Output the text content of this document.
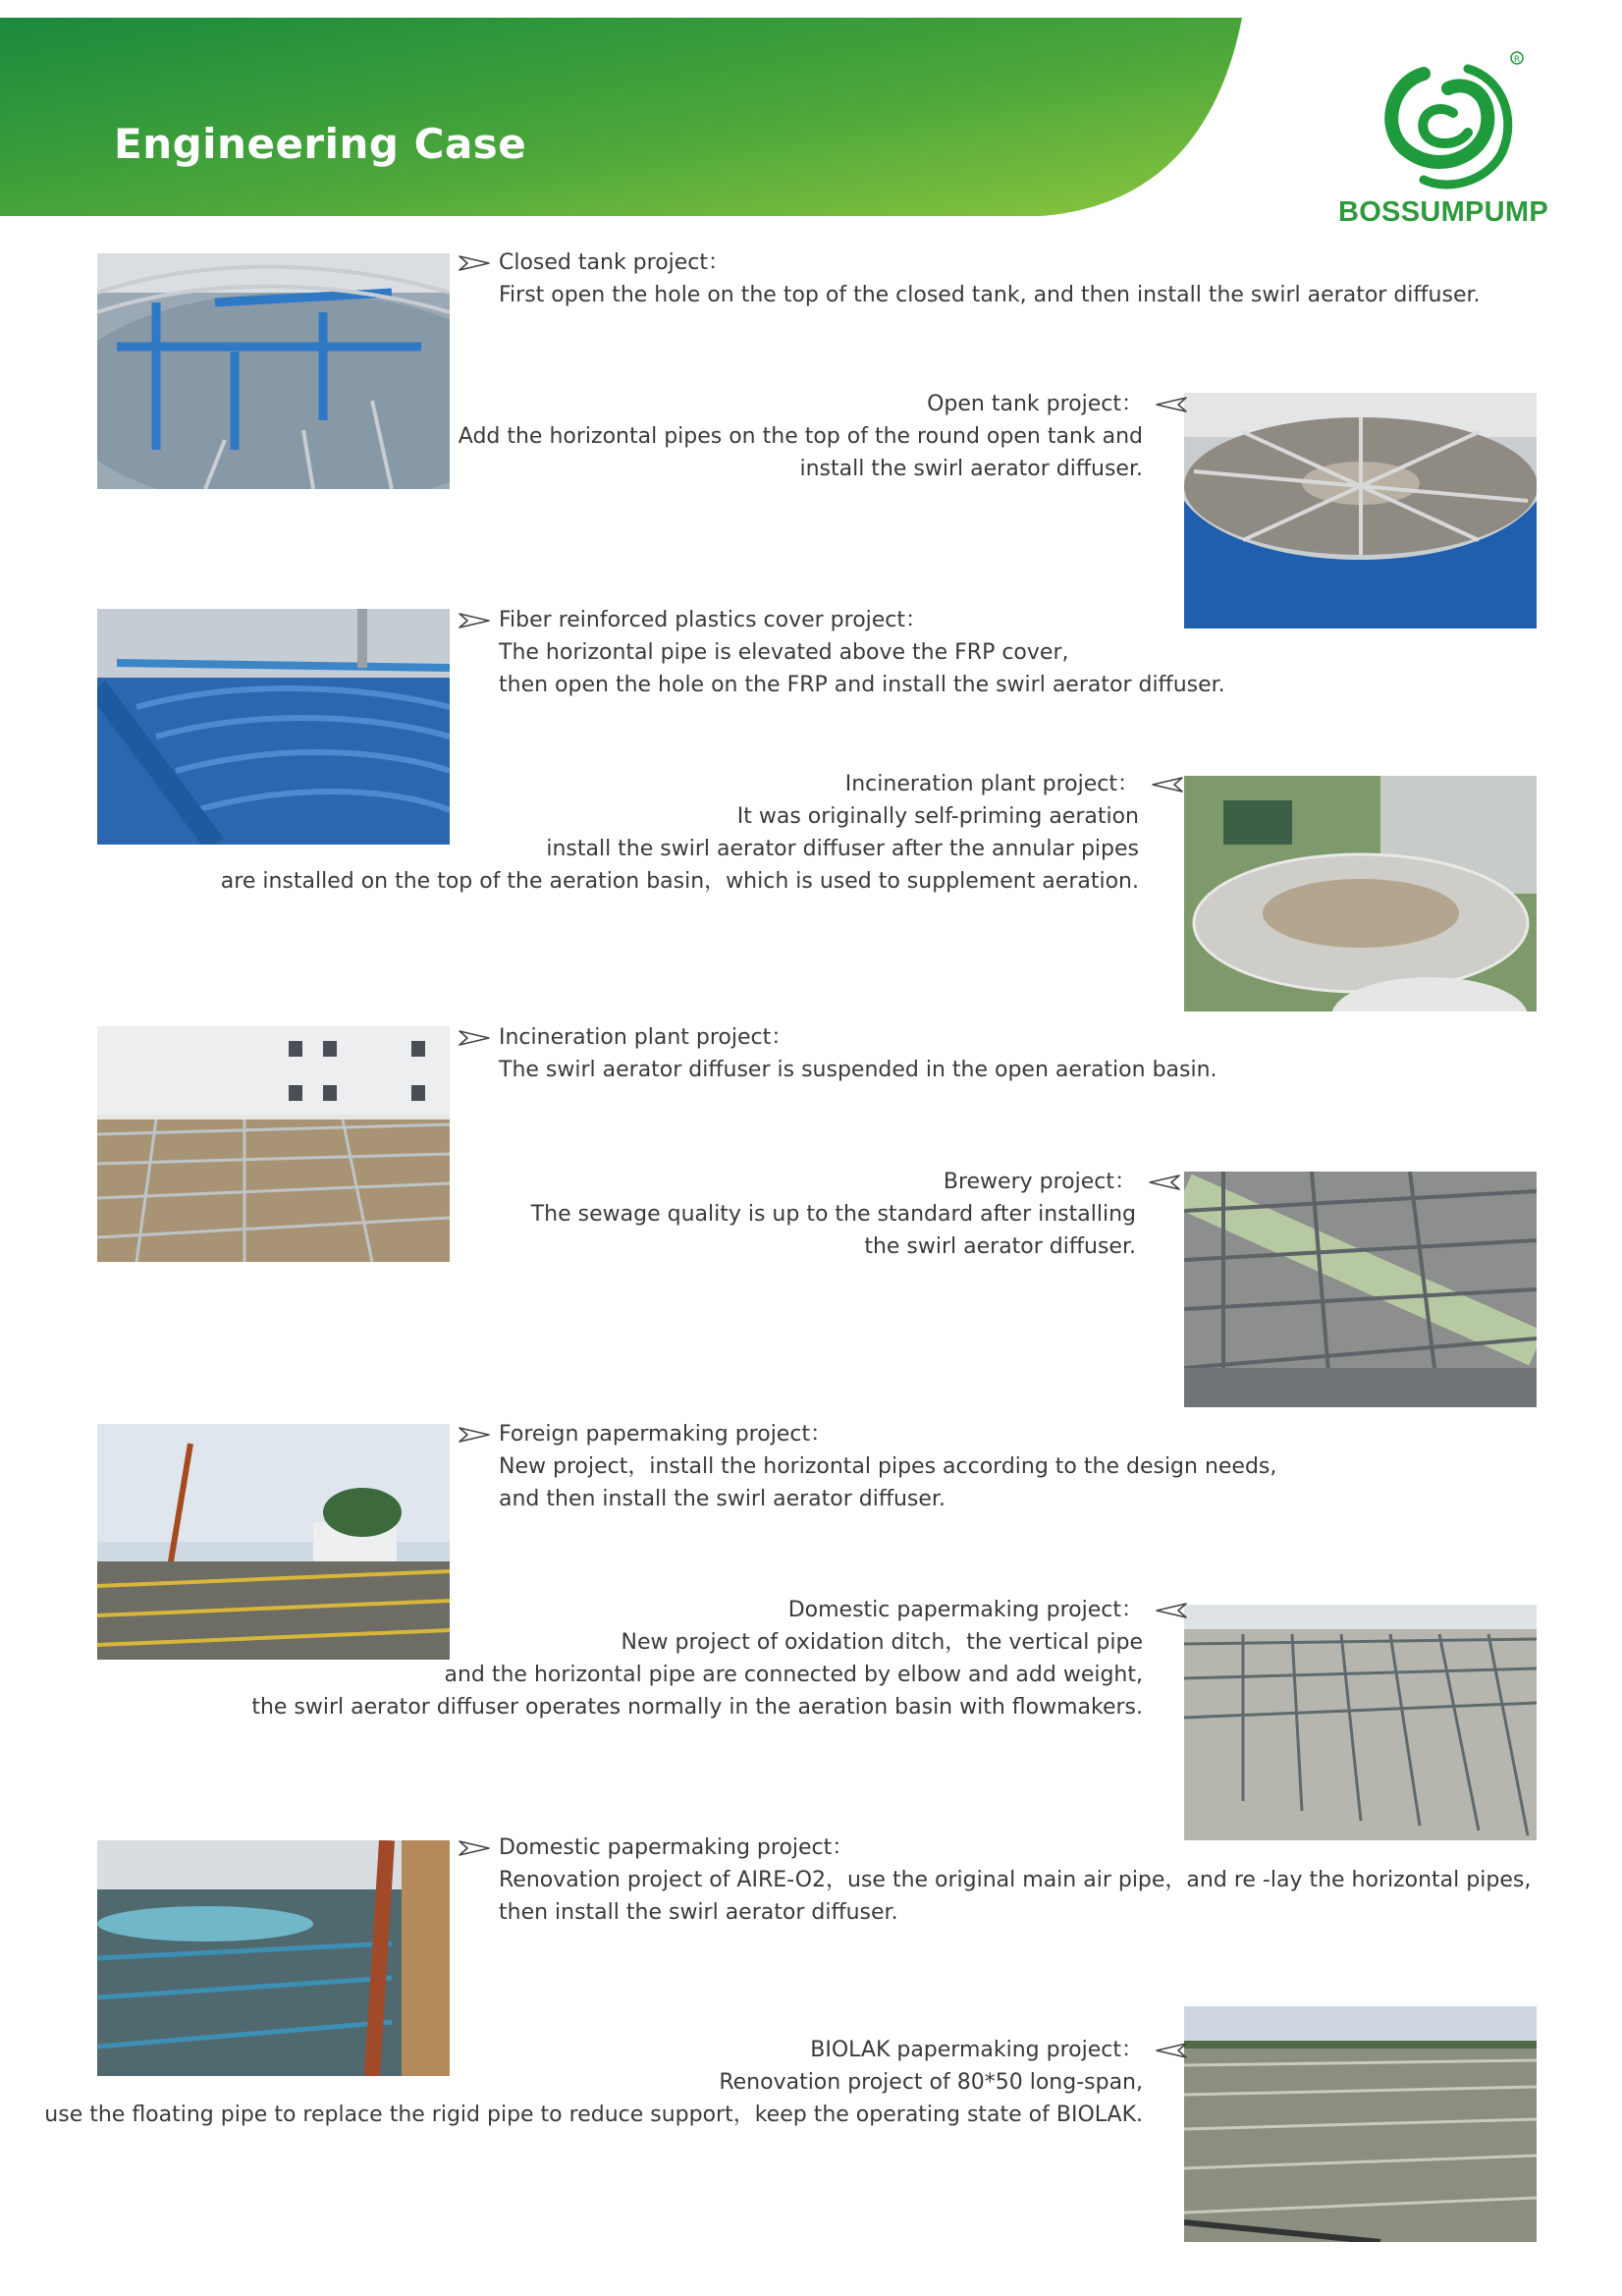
Engineering Case
R
BOSSUMPUMP
Closed tank project：
First open the hole on the top of the closed tank, and then install the swirl aerator diffuser.
Open tank project：
Add the horizontal pipes on the top of the round open tank and
install the swirl aerator diffuser.
Fiber reinforced plastics cover project：
The horizontal pipe is elevated above the FRP cover,
then open the hole on the FRP and install the swirl aerator diffuser.
Incineration plant project：
It was originally self-priming aeration
install the swirl aerator diffuser after the annular pipes
are installed on the top of the aeration basin，which is used to supplement aeration.
Incineration plant project：
The swirl aerator diffuser is suspended in the open aeration basin.
Brewery project：
The sewage quality is up to the standard after installing
the swirl aerator diffuser.
Foreign papermaking project：
New project，install the horizontal pipes according to the design needs,
and then install the swirl aerator diffuser.
Domestic papermaking project：
New project of oxidation ditch，the vertical pipe
and the horizontal pipe are connected by elbow and add weight,
the swirl aerator diffuser operates normally in the aeration basin with flowmakers.
Domestic papermaking project：
Renovation project of AIRE-O2，use the original main air pipe，and re -lay the horizontal pipes,
then install the swirl aerator diffuser.
BIOLAK papermaking project：
Renovation project of 80*50 long-span,
use the floating pipe to replace the rigid pipe to reduce support，keep the operating state of BIOLAK.
